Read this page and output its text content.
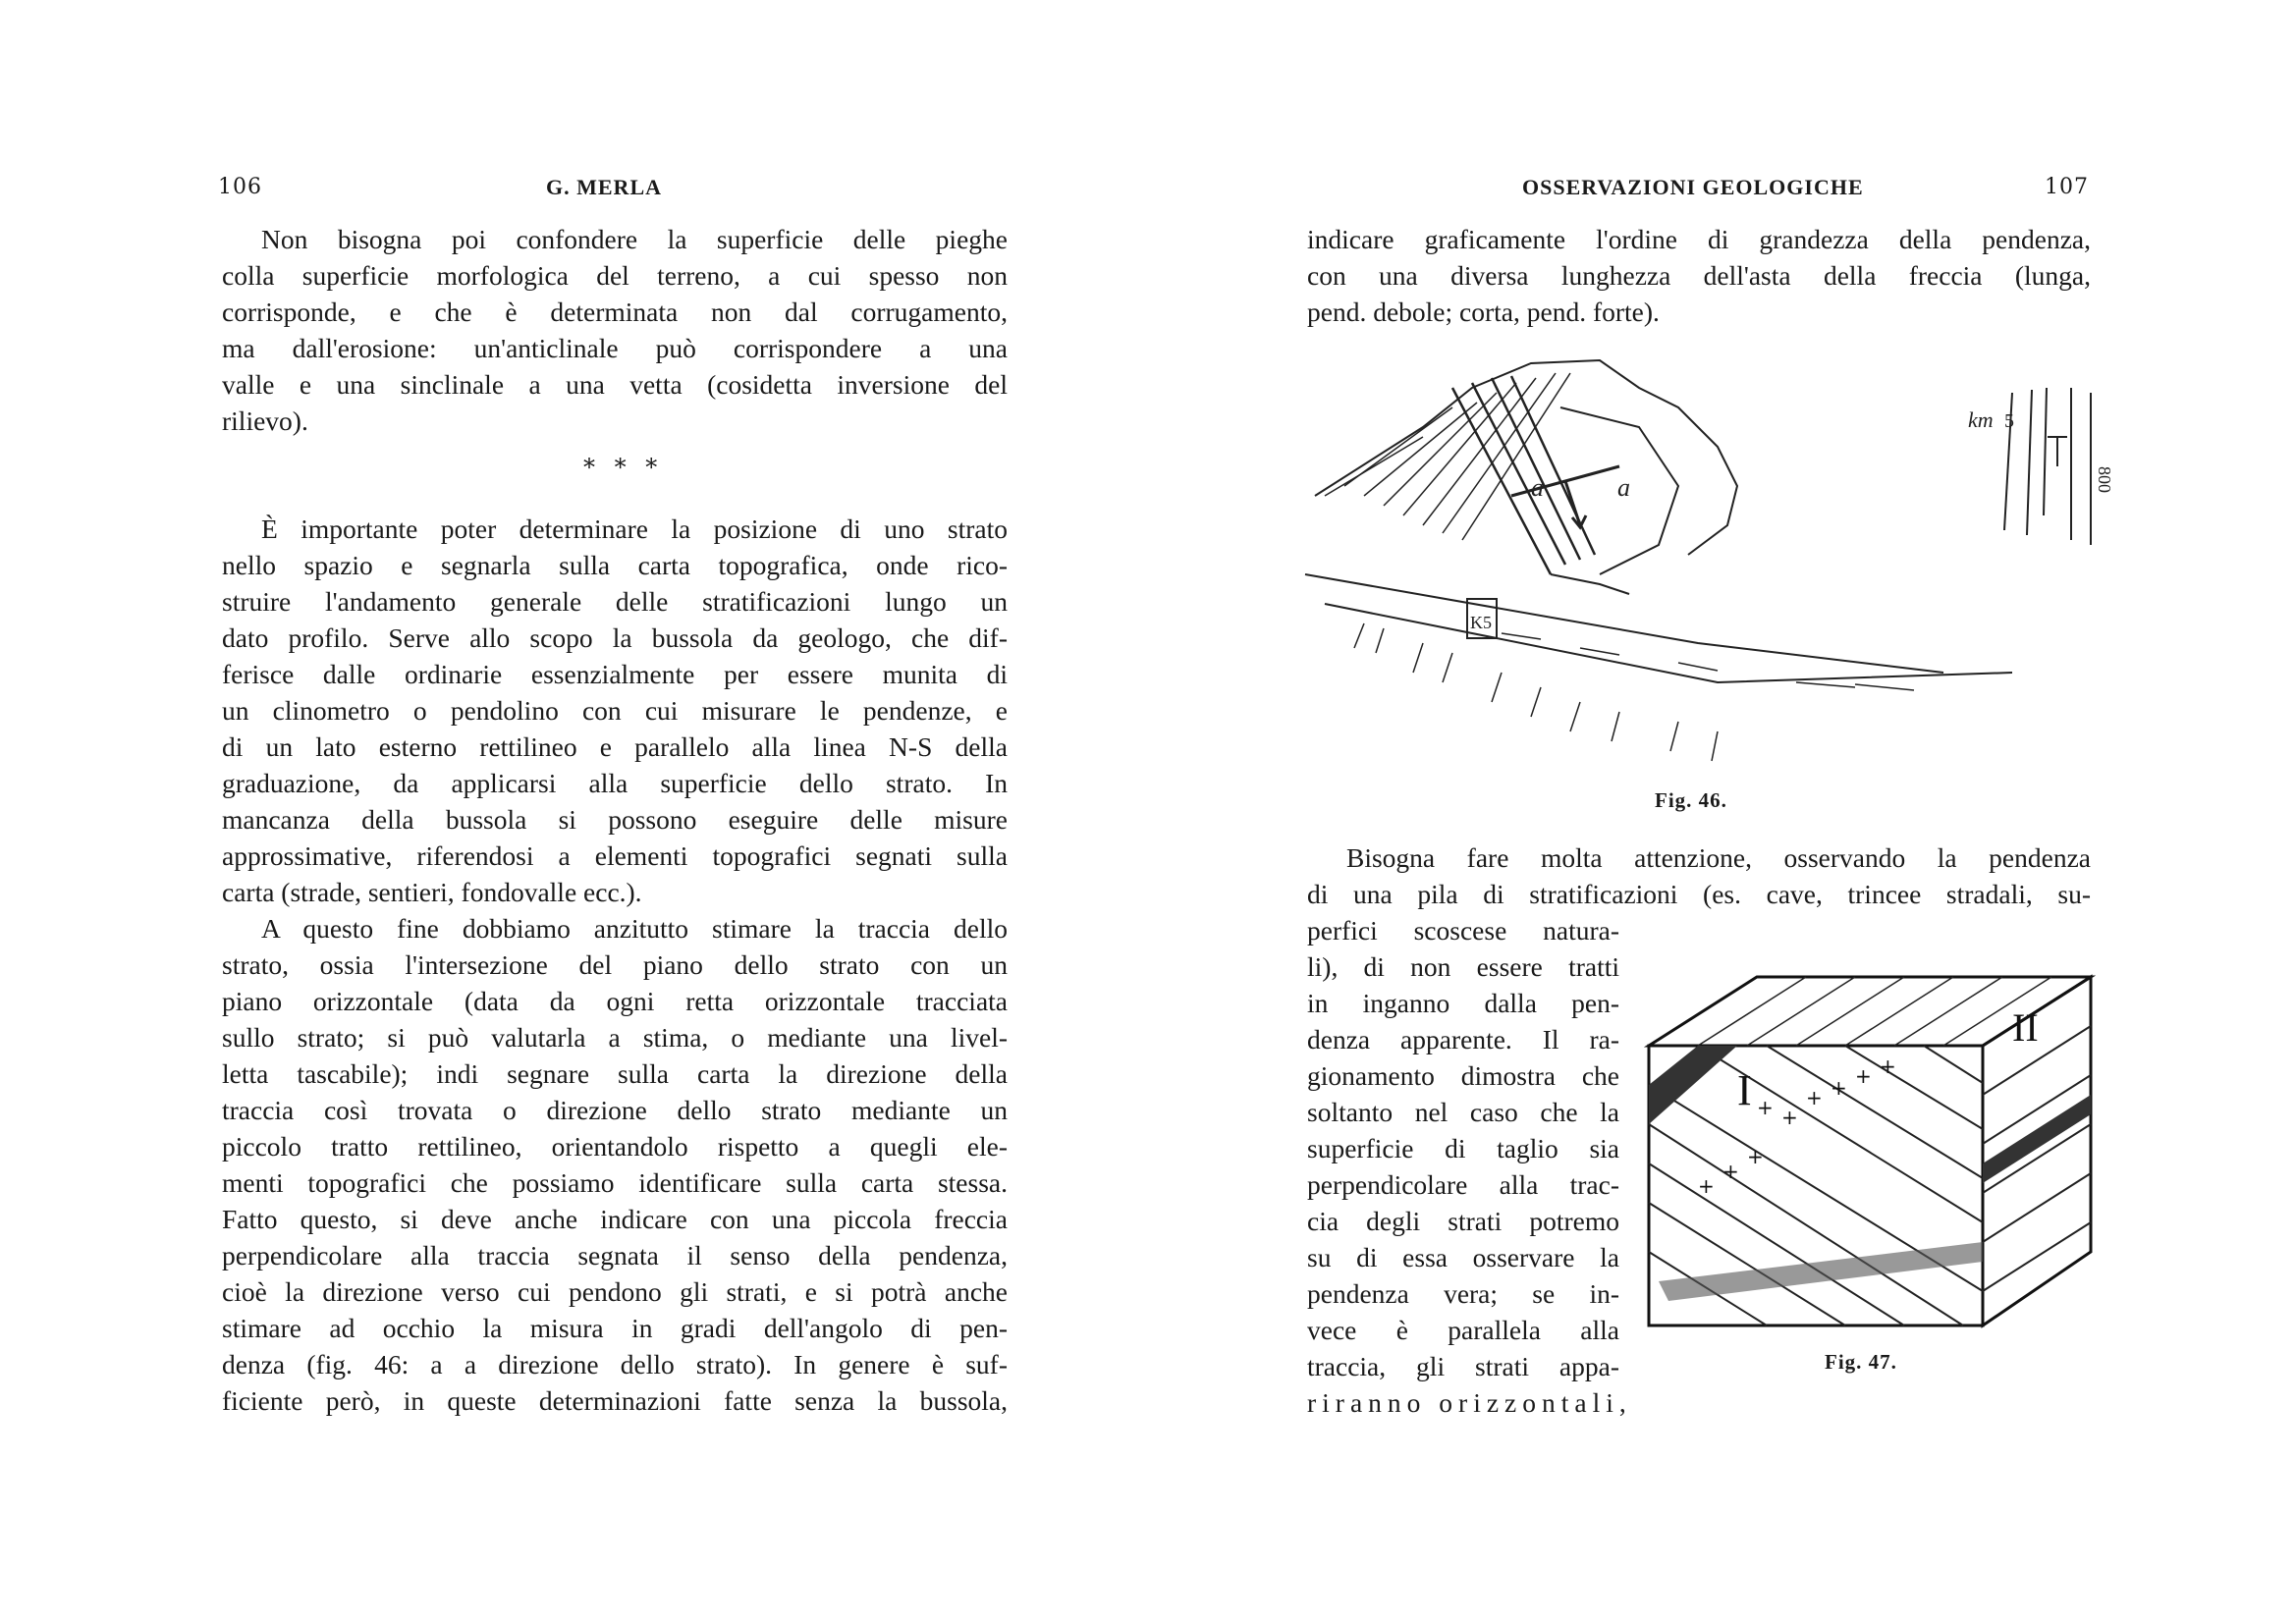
106	G. MERLA
Non bisogna poi confondere la superficie delle pieghe
colla superficie morfologica del terreno, a cui spesso non
corrisponde, e che è determinata non dal corrugamento,
ma dall'erosione: un'anticlinale può corrispondere a una
valle e una sinclinale a una vetta (cosidetta inversione del
rilievo).
* * *
È importante poter determinare la posizione di uno strato
nello spazio e segnarla sulla carta topografica, onde rico-
struire l'andamento generale delle stratificazioni lungo un
dato profilo. Serve allo scopo la bussola da geologo, che dif-
ferisce dalle ordinarie essenzialmente per essere munita di
un clinometro o pendolino con cui misurare le pendenze, e
di un lato esterno rettilineo e parallelo alla linea N-S della
graduazione, da applicarsi alla superficie dello strato. In
mancanza della bussola si possono eseguire delle misure
approssimative, riferendosi a elementi topografici segnati sulla
carta (strade, sentieri, fondovalle ecc.).
A questo fine dobbiamo anzitutto stimare la traccia dello
strato, ossia l'intersezione del piano dello strato con un
piano orizzontale (data da ogni retta orizzontale tracciata
sullo strato; si può valutarla a stima, o mediante una livel-
letta tascabile); indi segnare sulla carta la direzione della
traccia così trovata o direzione dello strato mediante un
piccolo tratto rettilineo, orientandolo rispetto a quegli ele-
menti topografici che possiamo identificare sulla carta stessa.
Fatto questo, si deve anche indicare con una piccola freccia
perpendicolare alla traccia segnata il senso della pendenza,
cioè la direzione verso cui pendono gli strati, e si potrà anche
stimare ad occhio la misura in gradi dell'angolo di pen-
denza (fig. 46: a a direzione dello strato). In genere è suf-
ficiente però, in queste determinazioni fatte senza la bussola,
OSSERVAZIONI GEOLOGICHE	107
indicare graficamente l'ordine di grandezza della pendenza,
con una diversa lunghezza dell'asta della freccia (lunga,
pend. debole; corta, pend. forte).
a	a
K5
km 5
800
Fig. 46.
Bisogna fare molta attenzione, osservando la pendenza
di una pila di stratificazioni (es. cave, trincee stradali, su-
perfici scoscese natura-
li), di non essere tratti
in inganno dalla pen-
denza apparente. Il ra-
gionamento dimostra che
soltanto nel caso che la
superficie di taglio sia
perpendicolare alla trac-
cia degli strati potremo
su di essa osservare la
pendenza vera; se in-
vece è parallela alla
traccia, gli strati appa-
riranno orizzontali,
+ +
+ + + +
+
+
+
I
II
Fig. 47.
